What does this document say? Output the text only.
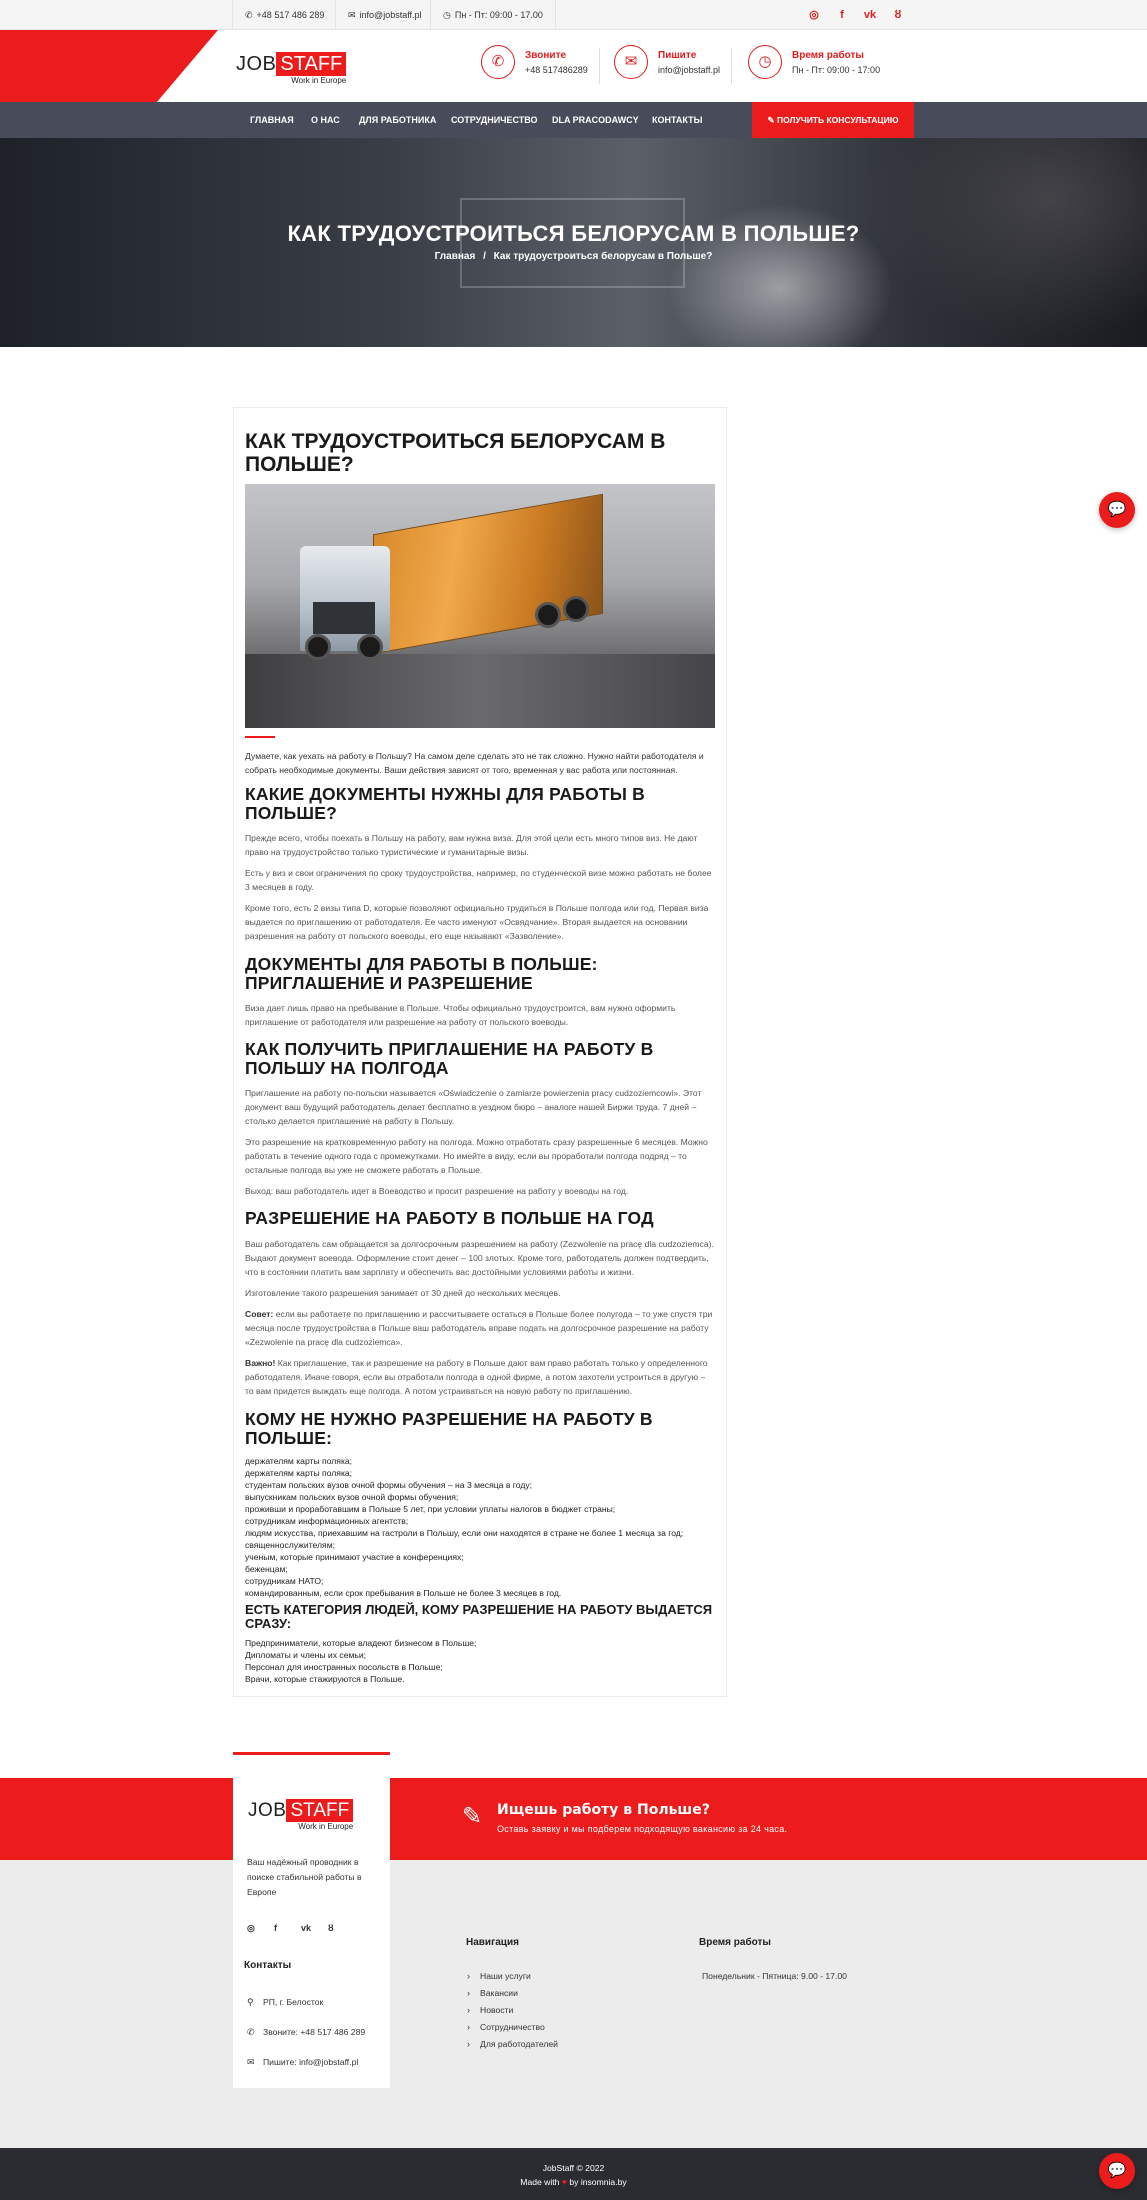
✆ +48 517 486 289	✉ info@jobstaff.pl	◷ Пн - Пт: 09:00 - 17.00	◎	f	vk	ȣ
JOB STAFF
Work in Europe
✆	Звоните
+48 517486289	✉	Пишите
info@jobstaff.pl	◷	Время работы
Пн - Пт: 09:00 - 17:00
ГЛАВНАЯ О НАС ДЛЯ РАБОТНИКА СОТРУДНИЧЕСТВО DLA PRACODAWCY КОНТАКТЫ	✎ ПОЛУЧИТЬ КОНСУЛЬТАЦИЮ
КАК ТРУДОУСТРОИТЬСЯ БЕЛОРУСАМ В ПОЛЬШЕ?
Главная / Как трудоустроиться белорусам в Польше?
КАК ТРУДОУСТРОИТЬСЯ БЕЛОРУСАМ В ПОЛЬШЕ?
Думаете, как уехать на работу в Польшу? На самом деле сделать это не так сложно. Нужно найти работодателя и собрать необходимые документы. Ваши действия зависят от того, временная у вас работа или постоянная.
КАКИЕ ДОКУМЕНТЫ НУЖНЫ ДЛЯ РАБОТЫ В ПОЛЬШЕ?
Прежде всего, чтобы поехать в Польшу на работу, вам нужна виза. Для этой цели есть много типов виз. Не дают право на трудоустройство только туристические и гуманитарные визы.
Есть у виз и свои ограничения по сроку трудоустройства, например, по студенческой визе можно работать не более 3 месяцев в году.
Кроме того, есть 2 визы типа D, которые позволяют официально трудиться в Польше полгода или год. Первая виза выдается по приглашению от работодателя. Ее часто именуют «Освядчание». Вторая выдается на основании разрешения на работу от польского воеводы, его еще называют «Зазволение».
ДОКУМЕНТЫ ДЛЯ РАБОТЫ В ПОЛЬШЕ: ПРИГЛАШЕНИЕ И РАЗРЕШЕНИЕ
Виза дает лишь право на пребывание в Польше. Чтобы официально трудоустроится, вам нужно оформить приглашение от работодателя или разрешение на работу от польского воеводы.
КАК ПОЛУЧИТЬ ПРИГЛАШЕНИЕ НА РАБОТУ В ПОЛЬШУ НА ПОЛГОДА
Приглашение на работу по-польски называется «Oświadczenie o zamiarze powierzenia pracy cudzoziemcowi». Этот документ ваш будущий работодатель делает бесплатно в уездном бюро – аналоге нашей Биржи труда. 7 дней – столько делается приглашение на работу в Польшу.
Это разрешение на кратковременную работу на полгода. Можно отработать сразу разрешенные 6 месяцев. Можно работать в течение одного года с промежутками. Но имейте в виду, если вы проработали полгода подряд – то остальные полгода вы уже не сможете работать в Польше.
Выход: ваш работодатель идет в Воеводство и просит разрешение на работу у воеводы на год.
РАЗРЕШЕНИЕ НА РАБОТУ В ПОЛЬШЕ НА ГОД
Ваш работодатель сам обращается за долгосрочным разрешением на работу (Zezwolenie na pracę dla cudzoziemca). Выдают документ воевода. Оформление стоит денег – 100 злотых. Кроме того, работодатель должен подтвердить, что в состоянии платить вам зарплату и обеспечить вас достойными условиями работы и жизни.
Изготовление такого разрешения занимает от 30 дней до нескольких месяцев.
Совет: если вы работаете по приглашению и рассчитываете остаться в Польше более полугода – то уже спустя три месяца после трудоустройства в Польше ваш работодатель вправе подать на долгосрочное разрешение на работу «Zezwolenie na pracę dla cudzoziemca».
Важно! Как приглашение, так и разрешение на работу в Польше дают вам право работать только у определенного работодателя. Иначе говоря, если вы отработали полгода в одной фирме, а потом захотели устроиться в другую – то вам придется выждать еще полгода. А потом устраиваться на новую работу по приглашению.
КОМУ НЕ НУЖНО РАЗРЕШЕНИЕ НА РАБОТУ В ПОЛЬШЕ:
держателям карты поляка;
держателям карты поляка;
студентам польских вузов очной формы обучения – на 3 месяца в году;
выпускникам польских вузов очной формы обучения;
проживши и проработавшим в Польше 5 лет, при условии уплаты налогов в бюджет страны;
сотрудникам информационных агентств;
людям искусства, приехавшим на гастроли в Польшу, если они находятся в стране не более 1 месяца за год;
священнослужителям;
ученым, которые принимают участие в конференциях;
беженцам;
сотрудникам НАТО;
командированным, если срок пребывания в Польше не более 3 месяцев в год.
ЕСТЬ КАТЕГОРИЯ ЛЮДЕЙ, КОМУ РАЗРЕШЕНИЕ НА РАБОТУ ВЫДАЕТСЯ СРАЗУ:
Предприниматели, которые владеют бизнесом в Польше;
Дипломаты и члены их семьи;
Персонал для иностранных посольств в Польше;
Врачи, которые стажируются в Польше.
💬
✎ Ищешь работу в Польше?
Оставь заявку и мы подберем подходящую вакансию за 24 часа.
JOB STAFF
Work in Europe
Ваш надёжный проводник в поиске стабильной работы в Европе
◎	f	vk	ȣ
Контакты
⚲ РП, г. Белосток
✆ Звоните: +48 517 486 289
✉ Пишите: info@jobstaff.pl
Навигация
› Наши услуги
› Вакансии
› Новости
› Сотрудничество
› Для работодателей
Время работы
Понедельник - Пятница: 9.00 - 17.00
JobStaff © 2022
Made with ♥ by insomnia.by
💬
